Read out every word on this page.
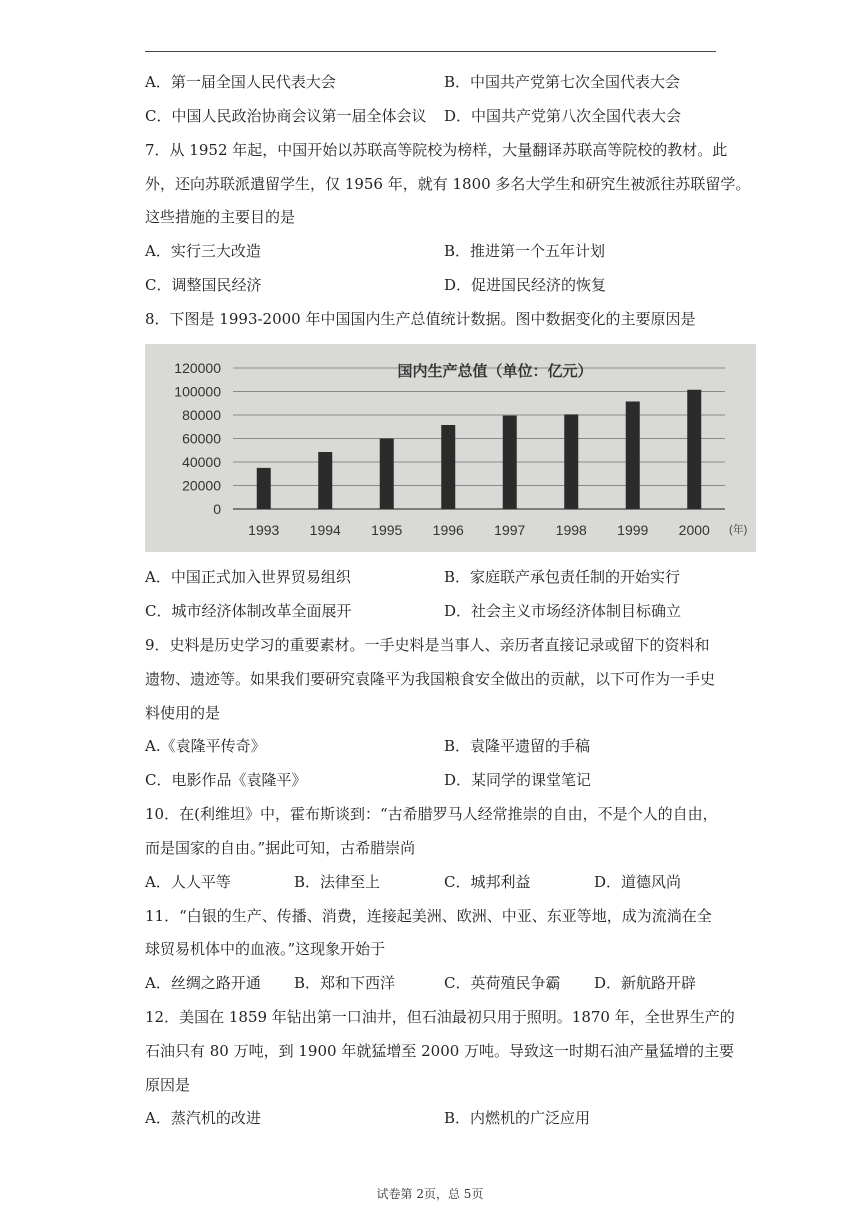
A．第一届全国人民代表大会	B．中国共产党第七次全国代表大会
C．中国人民政治协商会议第一届全体会议 D．中国共产党第八次全国代表大会
7．从 1952 年起，中国开始以苏联高等院校为榜样，大量翻译苏联高等院校的教材。此
外，还向苏联派遣留学生，仅 1956 年，就有 1800 多名大学生和研究生被派往苏联留学。
这些措施的主要目的是
A．实行三大改造	B．推进第一个五年计划
C．调整国民经济	D．促进国民经济的恢复
8．下图是 1993-2000 年中国国内生产总值统计数据。图中数据变化的主要原因是
120000
100000
80000
60000
40000
20000
0
国内生产总值（单位：亿元）
1993 1994 1995 1996 1997 1998 1999 2000 (年)
A．中国正式加入世界贸易组织	B．家庭联产承包责任制的开始实行
C．城市经济体制改革全面展开	D．社会主义市场经济体制目标确立
9．史料是历史学习的重要素材。一手史料是当事人、亲历者直接记录或留下的资料和
遗物、遗迹等。如果我们要研究袁隆平为我国粮食安全做出的贡献，以下可作为一手史
料使用的是
A.《袁隆平传奇》	B．袁隆平遗留的手稿
C．电影作品《袁隆平》	D．某同学的课堂笔记
10．在(利维坦》中，霍布斯谈到：“古希腊罗马人经常推崇的自由，不是个人的自由，
而是国家的自由。”据此可知，古希腊崇尚
A．人人平等	B．法律至上	C．城邦利益	D．道德风尚
11．“白银的生产、传播、消费，连接起美洲、欧洲、中亚、东亚等地，成为流淌在全
球贸易机体中的血液。”这现象开始于
A．丝绸之路开通 B．郑和下西洋	C．英荷殖民争霸 D．新航路开辟
12．美国在 1859 年钻出第一口油井，但石油最初只用于照明。1870 年，全世界生产的
石油只有 80 万吨，到 1900 年就猛增至 2000 万吨。导致这一时期石油产量猛增的主要
原因是
A．蒸汽机的改进	B．内燃机的广泛应用
试卷第 2页，总 5页
